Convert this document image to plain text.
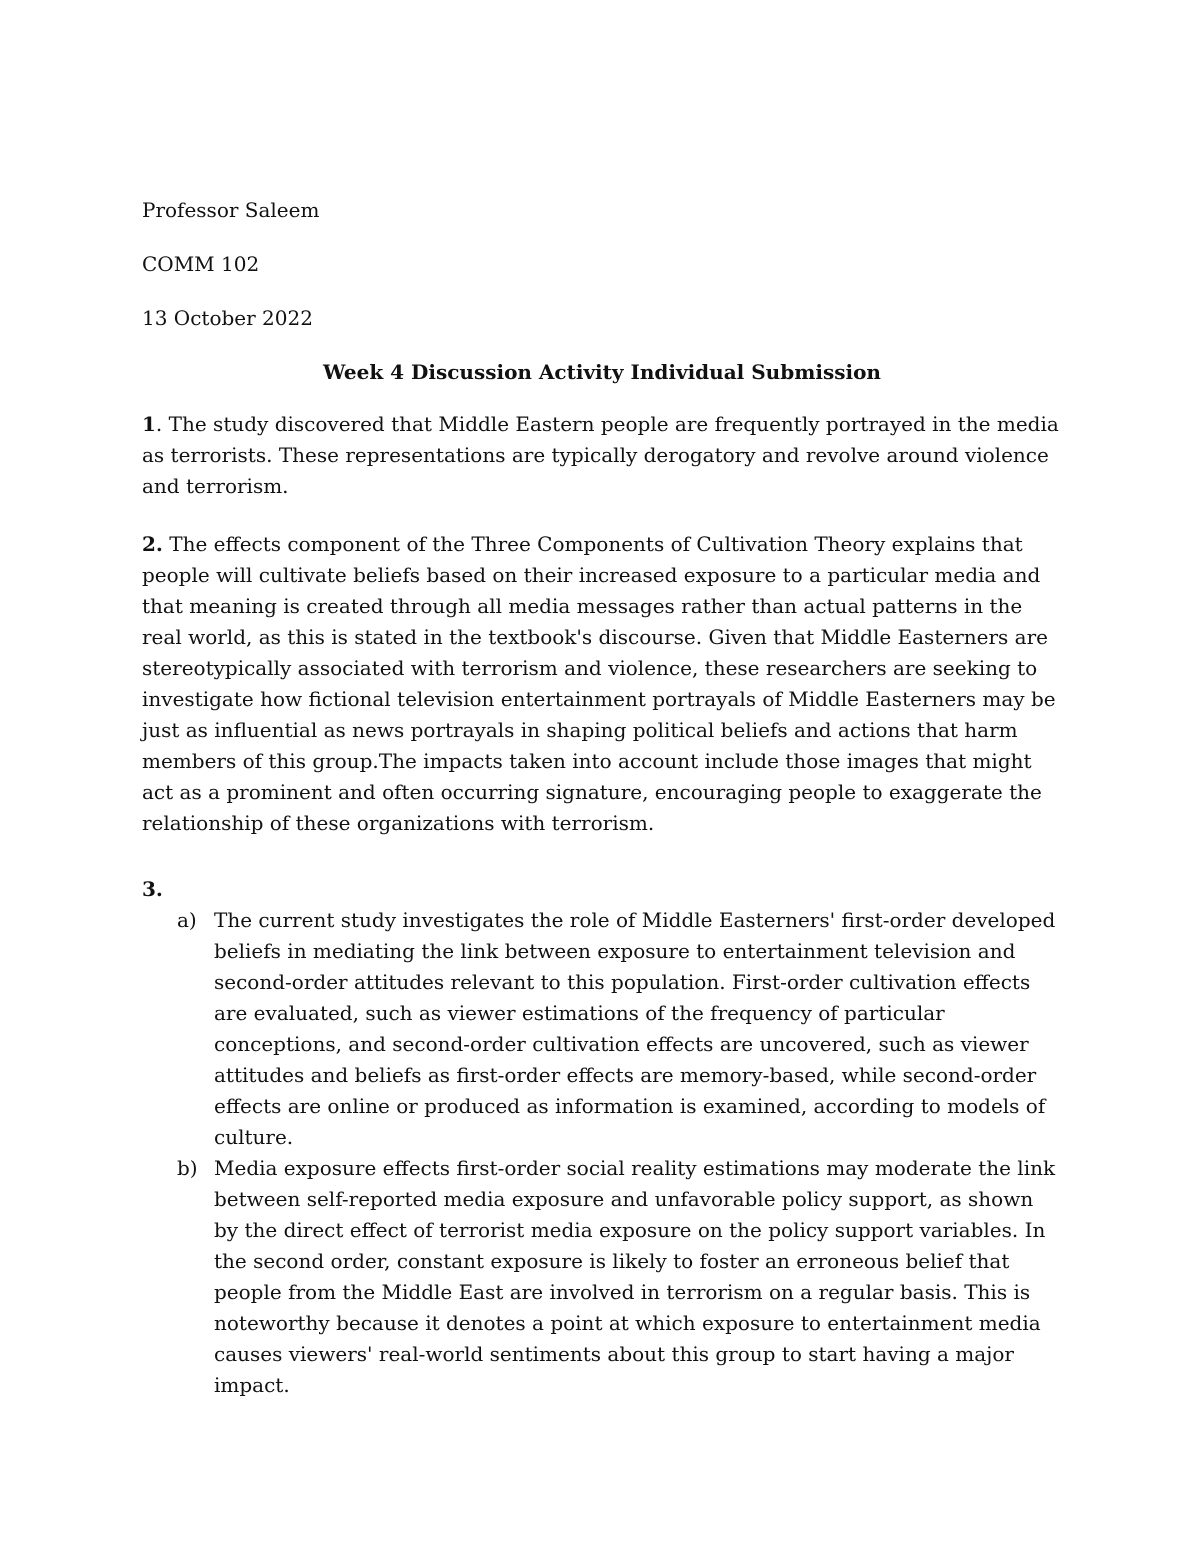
Professor Saleem
COMM 102
13 October 2022
Week 4 Discussion Activity Individual Submission
1. The study discovered that Middle Eastern people are frequently portrayed in the media as terrorists. These representations are typically derogatory and revolve around violence and terrorism.
2. The effects component of the Three Components of Cultivation Theory explains that people will cultivate beliefs based on their increased exposure to a particular media and that meaning is created through all media messages rather than actual patterns in the real world, as this is stated in the textbook's discourse. Given that Middle Easterners are stereotypically associated with terrorism and violence, these researchers are seeking to investigate how fictional television entertainment portrayals of Middle Easterners may be just as influential as news portrayals in shaping political beliefs and actions that harm members of this group.The impacts taken into account include those images that might act as a prominent and often occurring signature, encouraging people to exaggerate the relationship of these organizations with terrorism.
3.
a) The current study investigates the role of Middle Easterners' first-order developed beliefs in mediating the link between exposure to entertainment television and second-order attitudes relevant to this population. First-order cultivation effects are evaluated, such as viewer estimations of the frequency of particular conceptions, and second-order cultivation effects are uncovered, such as viewer attitudes and beliefs as first-order effects are memory-based, while second-order effects are online or produced as information is examined, according to models of culture.
b) Media exposure effects first-order social reality estimations may moderate the link between self-reported media exposure and unfavorable policy support, as shown by the direct effect of terrorist media exposure on the policy support variables. In the second order, constant exposure is likely to foster an erroneous belief that people from the Middle East are involved in terrorism on a regular basis. This is noteworthy because it denotes a point at which exposure to entertainment media causes viewers' real-world sentiments about this group to start having a major impact.
